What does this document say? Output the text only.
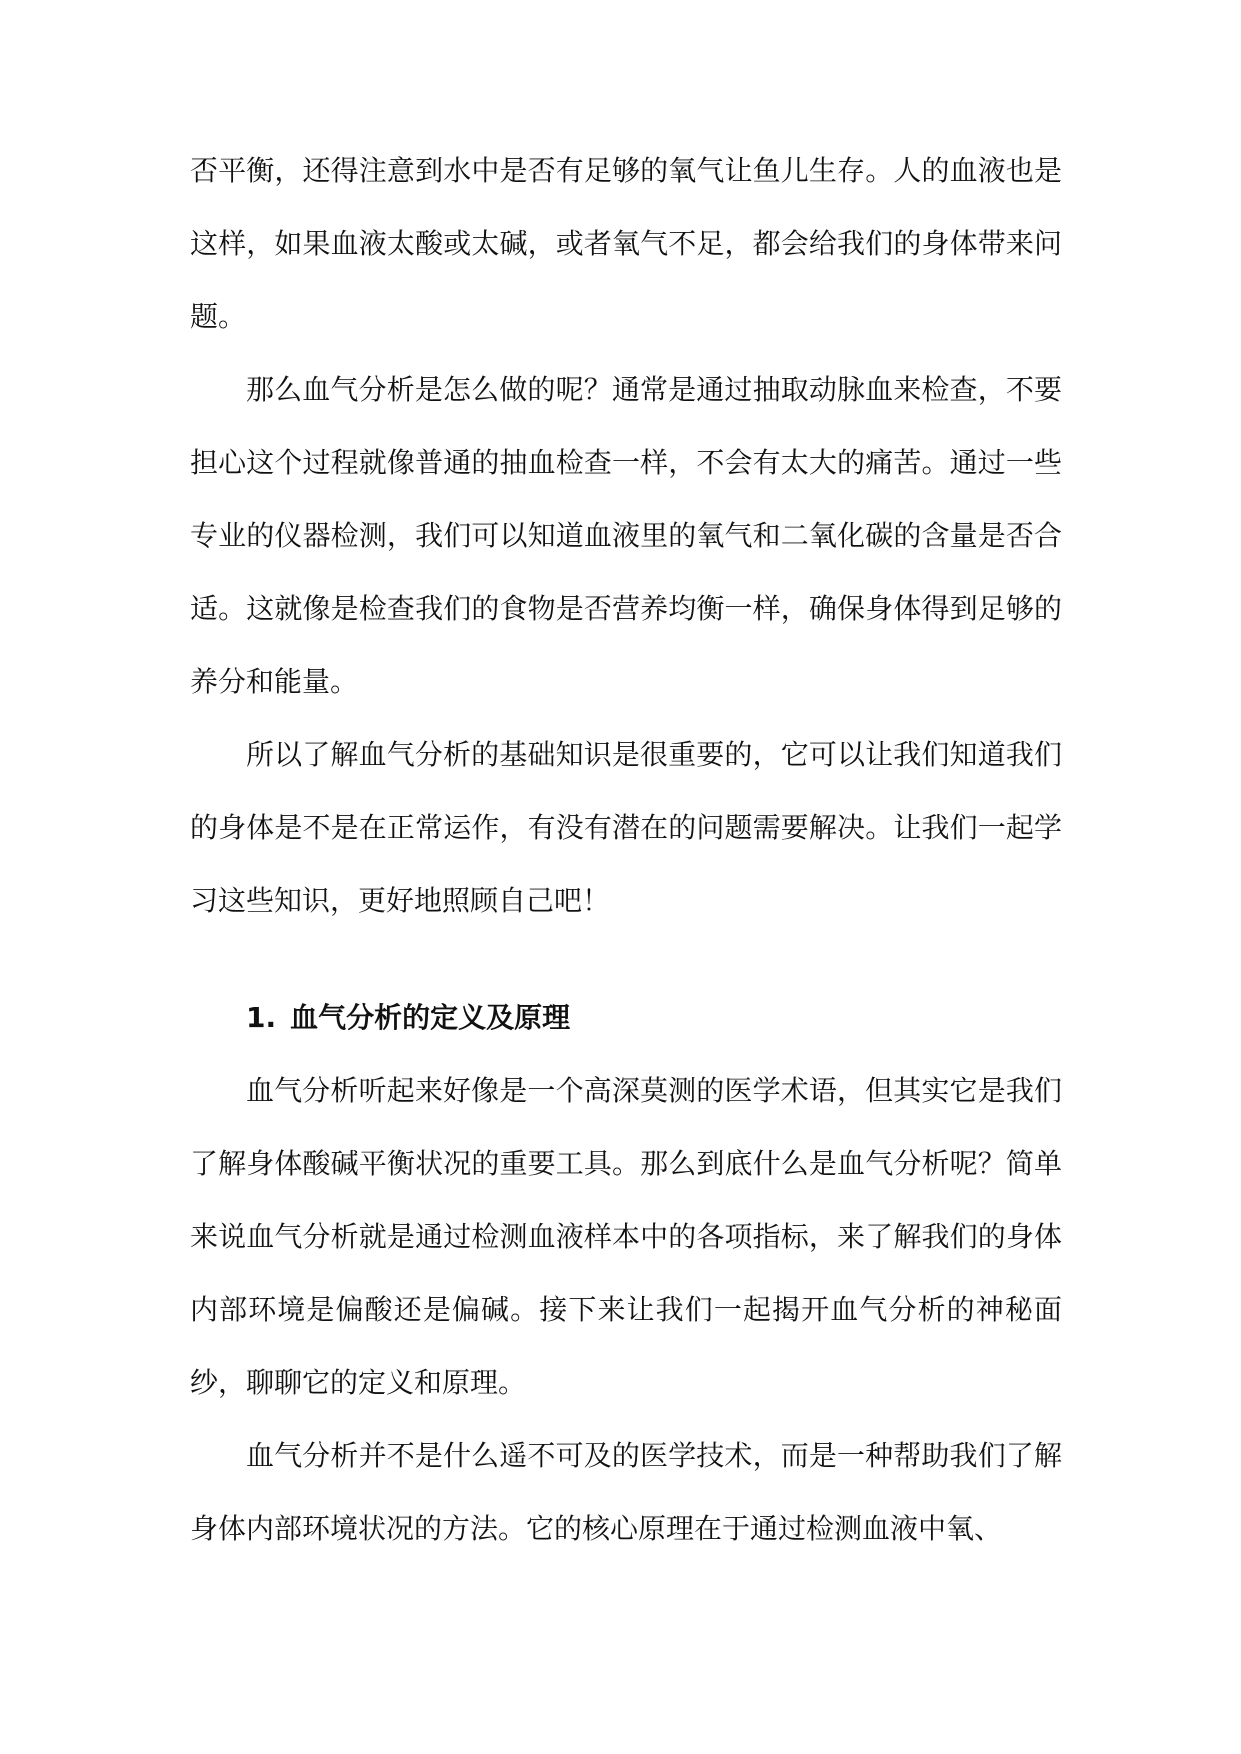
否平衡，还得注意到水中是否有足够的氧气让鱼儿生存。人的血液也是这样，如果血液太酸或太碱，或者氧气不足，都会给我们的身体带来问题。

那么血气分析是怎么做的呢？通常是通过抽取动脉血来检查，不要担心这个过程就像普通的抽血检查一样，不会有太大的痛苦。通过一些专业的仪器检测，我们可以知道血液里的氧气和二氧化碳的含量是否合适。这就像是检查我们的食物是否营养均衡一样，确保身体得到足够的养分和能量。

所以了解血气分析的基础知识是很重要的，它可以让我们知道我们的身体是不是在正常运作，有没有潜在的问题需要解决。让我们一起学习这些知识，更好地照顾自己吧！

1. 血气分析的定义及原理

血气分析听起来好像是一个高深莫测的医学术语，但其实它是我们了解身体酸碱平衡状况的重要工具。那么到底什么是血气分析呢？简单来说血气分析就是通过检测血液样本中的各项指标，来了解我们的身体内部环境是偏酸还是偏碱。接下来让我们一起揭开血气分析的神秘面纱，聊聊它的定义和原理。

血气分析并不是什么遥不可及的医学技术，而是一种帮助我们了解身体内部环境状况的方法。它的核心原理在于通过检测血液中氧、
